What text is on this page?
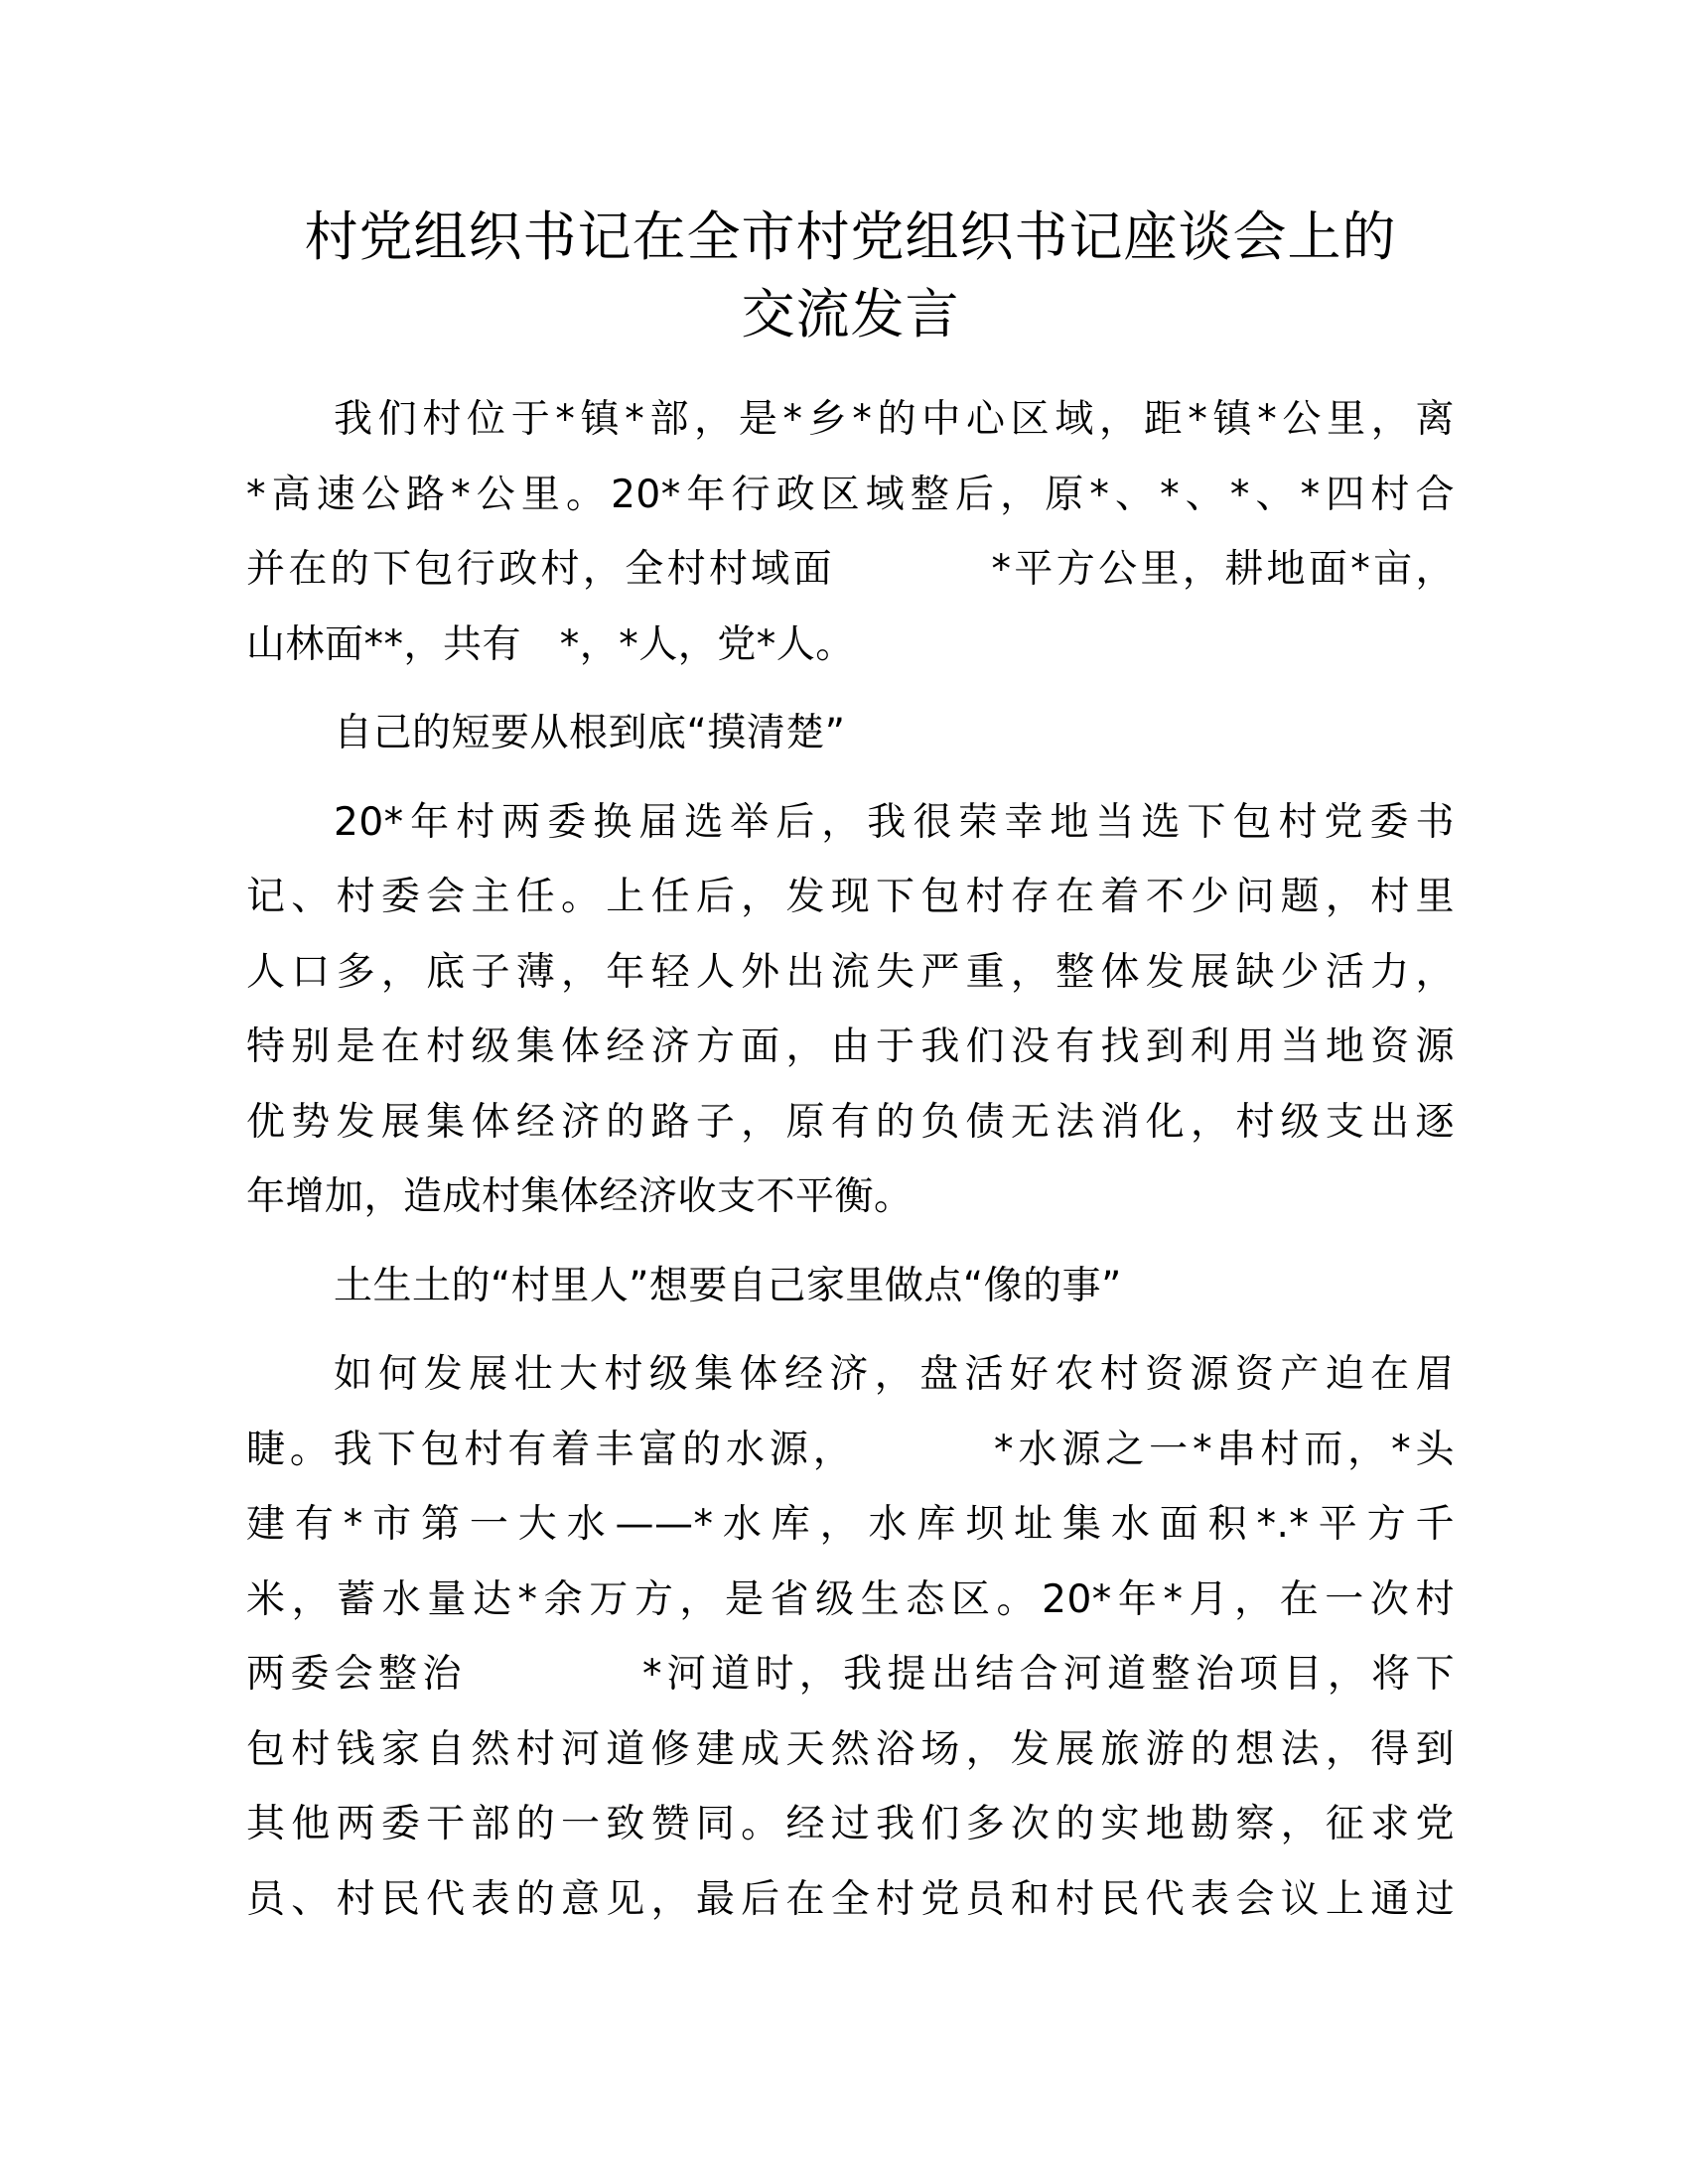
村党组织书记在全市村党组织书记座谈会上的
交流发言
我们村位于*镇*部，是*乡*的中心区域，距*镇*公里，离
*高速公路*公里。20*年行政区域整后，原*、*、*、*四村合
并在的下包行政村，全村村域面          *平方公里，耕地面*亩，
山林面**，共有   *，*人，党*人。
自己的短要从根到底“摸清楚”
20*年村两委换届选举后，我很荣幸地当选下包村党委书
记、村委会主任。上任后，发现下包村存在着不少问题，村里
人口多，底子薄，年轻人外出流失严重，整体发展缺少活力，
特别是在村级集体经济方面，由于我们没有找到利用当地资源
优势发展集体经济的路子，原有的负债无法消化，村级支出逐
年增加，造成村集体经济收支不平衡。
土生土的“村里人”想要自己家里做点“像的事”
如何发展壮大村级集体经济，盘活好农村资源资产迫在眉
睫。我下包村有着丰富的水源，        *水源之一*串村而，*头
建有*市第一大水——*水库，水库坝址集水面积*.*平方千
米，蓄水量达*余万方，是省级生态区。20*年*月，在一次村
两委会整治          *河道时，我提出结合河道整治项目，将下
包村钱家自然村河道修建成天然浴场，发展旅游的想法，得到
其他两委干部的一致赞同。经过我们多次的实地勘察，征求党
员、村民代表的意见，最后在全村党员和村民代表会议上通过
